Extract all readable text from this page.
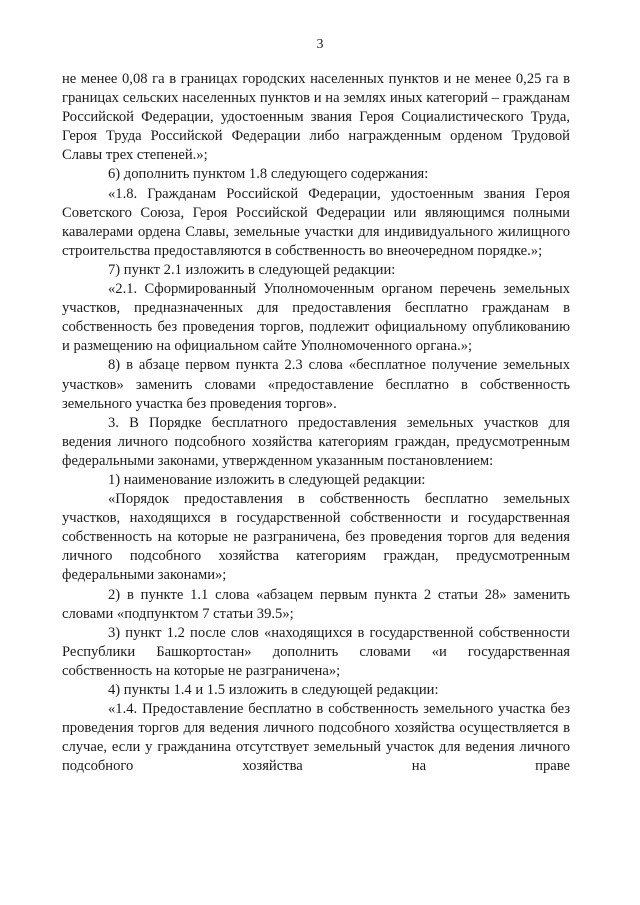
3

не менее 0,08 га в границах городских населенных пунктов и не менее 0,25 га в границах сельских населенных пунктов и на землях иных категорий – гражданам Российской Федерации, удостоенным звания Героя Социалистического Труда, Героя Труда Российской Федерации либо награжденным орденом Трудовой Славы трех степеней.»;

6) дополнить пунктом 1.8 следующего содержания:

«1.8. Гражданам Российской Федерации, удостоенным звания Героя Советского Союза, Героя Российской Федерации или являющимся полными кавалерами ордена Славы, земельные участки для индивидуального жилищного строительства предоставляются в собственность во внеочередном порядке.»;

7) пункт 2.1 изложить в следующей редакции:

«2.1. Сформированный Уполномоченным органом перечень земельных участков, предназначенных для предоставления бесплатно гражданам в собственность без проведения торгов, подлежит официальному опубликованию и размещению на официальном сайте Уполномоченного органа.»;

8) в абзаце первом пункта 2.3 слова «бесплатное получение земельных участков» заменить словами «предоставление бесплатно в собственность земельного участка без проведения торгов».

3. В Порядке бесплатного предоставления земельных участков для ведения личного подсобного хозяйства категориям граждан, предусмотренным федеральными законами, утвержденном указанным постановлением:

1) наименование изложить в следующей редакции:

«Порядок предоставления в собственность бесплатно земельных участков, находящихся в государственной собственности и государственная собственность на которые не разграничена, без проведения торгов для ведения личного подсобного хозяйства категориям граждан, предусмотренным федеральными законами»;

2) в пункте 1.1 слова «абзацем первым пункта 2 статьи 28» заменить словами «подпунктом 7 статьи 39.5»;

3) пункт 1.2 после слов «находящихся в государственной собственности Республики Башкортостан» дополнить словами «и государственная собственность на которые не разграничена»;

4) пункты 1.4 и 1.5 изложить в следующей редакции:

«1.4. Предоставление бесплатно в собственность земельного участка без проведения торгов для ведения личного подсобного хозяйства осуществляется в случае, если у гражданина отсутствует земельный участок для ведения личного подсобного хозяйства на праве
